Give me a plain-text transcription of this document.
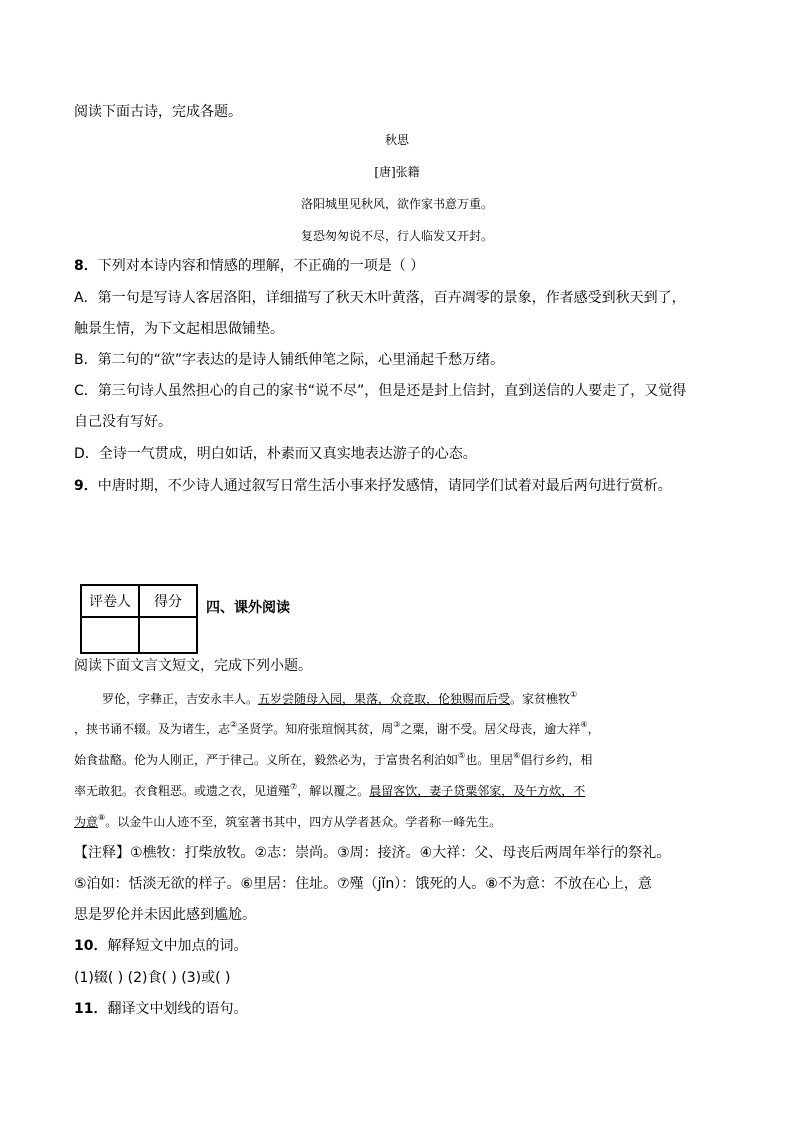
阅读下面古诗，完成各题。
秋思
[唐]张籍
洛阳城里见秋风，欲作家书意万重。
复恐匆匆说不尽，行人临发又开封。
8．下列对本诗内容和情感的理解，不正确的一项是（ ）
A．第一句是写诗人客居洛阳，详细描写了秋天木叶黄落，百卉凋零的景象，作者感受到秋天到了，
触景生情，为下文起相思做铺垫。
B．第二句的“欲”字表达的是诗人铺纸伸笔之际，心里涌起千愁万绪。
C．第三句诗人虽然担心的自己的家书“说不尽”，但是还是封上信封，直到送信的人要走了，又觉得
自己没有写好。
D．全诗一气贯成，明白如话，朴素而又真实地表达游子的心态。
9．中唐时期，不少诗人通过叙写日常生活小事来抒发感情，请同学们试着对最后两句进行赏析。
评卷人	得分
	四、课外阅读
阅读下面文言文短文，完成下列小题。
罗伦，字彝正，吉安永丰人。五岁尝随母入园，果落，众竞取，伦独赐而后受。家贫樵牧①
，挟书诵不辍。及为诸生，志②圣贤学。知府张瑄悯其贫，周③之粟，谢不受。居父母丧，逾大祥④，
始食盐酪。伦为人刚正，严于律己。义所在，毅然必为，于富贵名利泊如⑤也。里居⑥倡行乡约，相
率无敢犯。衣食粗恶。或遗之衣，见道殣⑦，解以覆之。晨留客饮，妻子贷粟邻家，及午方炊，不
为意⑧。以金牛山人迹不至，筑室著书其中，四方从学者甚众。学者称一峰先生。
【注释】①樵牧：打柴放牧。②志：崇尚。③周：接济。④大祥：父、母丧后两周年举行的祭礼。
⑤泊如：恬淡无欲的样子。⑥里居：住址。⑦殣（jǐn）：饿死的人。⑧不为意：不放在心上，意
思是罗伦并未因此感到尴尬。
10．解释短文中加点的词。
(1)辍( ) (2)食( ) (3)或( )
11．翻译文中划线的语句。
